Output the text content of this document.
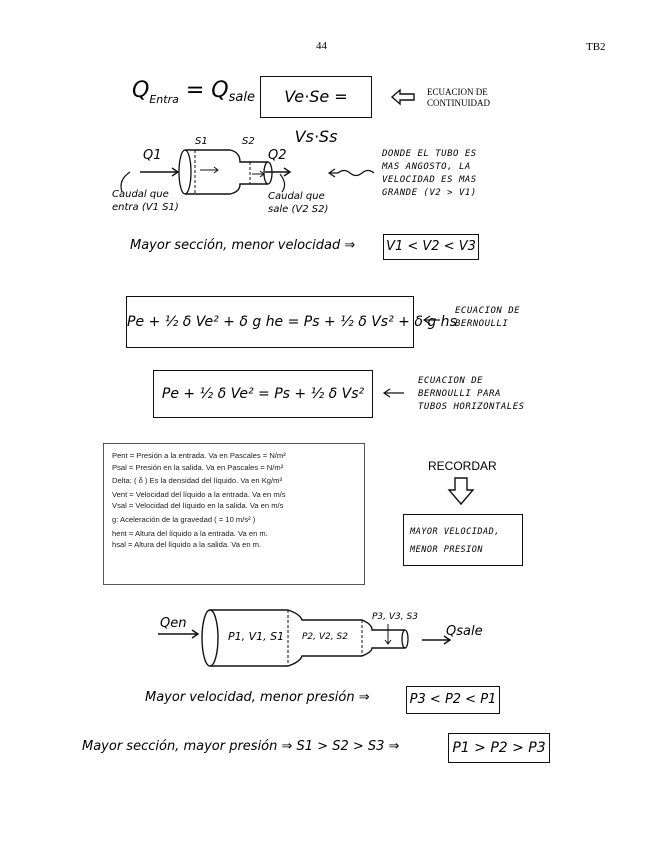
44	TB2
$Q_{Entra}$ = Qsale	Ve·Se = Vs·Ss
ECUACION DE
CONTINUIDAD
Q1	Q2
S1	S2
Caudal que
entra (V1 S1)
Caudal que
sale (V2 S2)
DONDE EL TUBO ES
MAS ANGOSTO, LA
VELOCIDAD ES MAS
GRANDE (V2 > V1)
Mayor sección, menor velocidad ⇒ V1 < V2 < V3
Pe + ½ δ Ve² + δ g he = Ps + ½ δ Vs² + δ g hs
ECUACION DE
BERNOULLI
Pe + ½ δ Ve² = Ps + ½ δ Vs²
ECUACION DE
BERNOULLI PARA
TUBOS HORIZONTALES
Pent = Presión a la entrada. Va en Pascales = N/m²
Psal = Presión en la salida. Va en Pascales = N/m²
Delta: ( δ ) Es la densidad del líquido. Va en Kg/m³
Vent = Velocidad del líquido a la entrada. Va en m/s
Vsal = Velocidad del líquido en la salida. Va en m/s
g: Aceleración de la gravedad ( = 10 m/s² )
hent = Altura del líquido a la entrada. Va en m.
hsal = Altura del líquido a la salida. Va en m.
RECORDAR
MAYOR VELOCIDAD,
MENOR PRESION
Qen
Qsale
P1, V1, S1 P2, V2, S2
P3, V3, S3
Mayor velocidad, menor presión ⇒	P3 < P2 < P1
Mayor sección, mayor presión ⇒ S1 > S2 > S3 ⇒	P1 > P2 > P3
